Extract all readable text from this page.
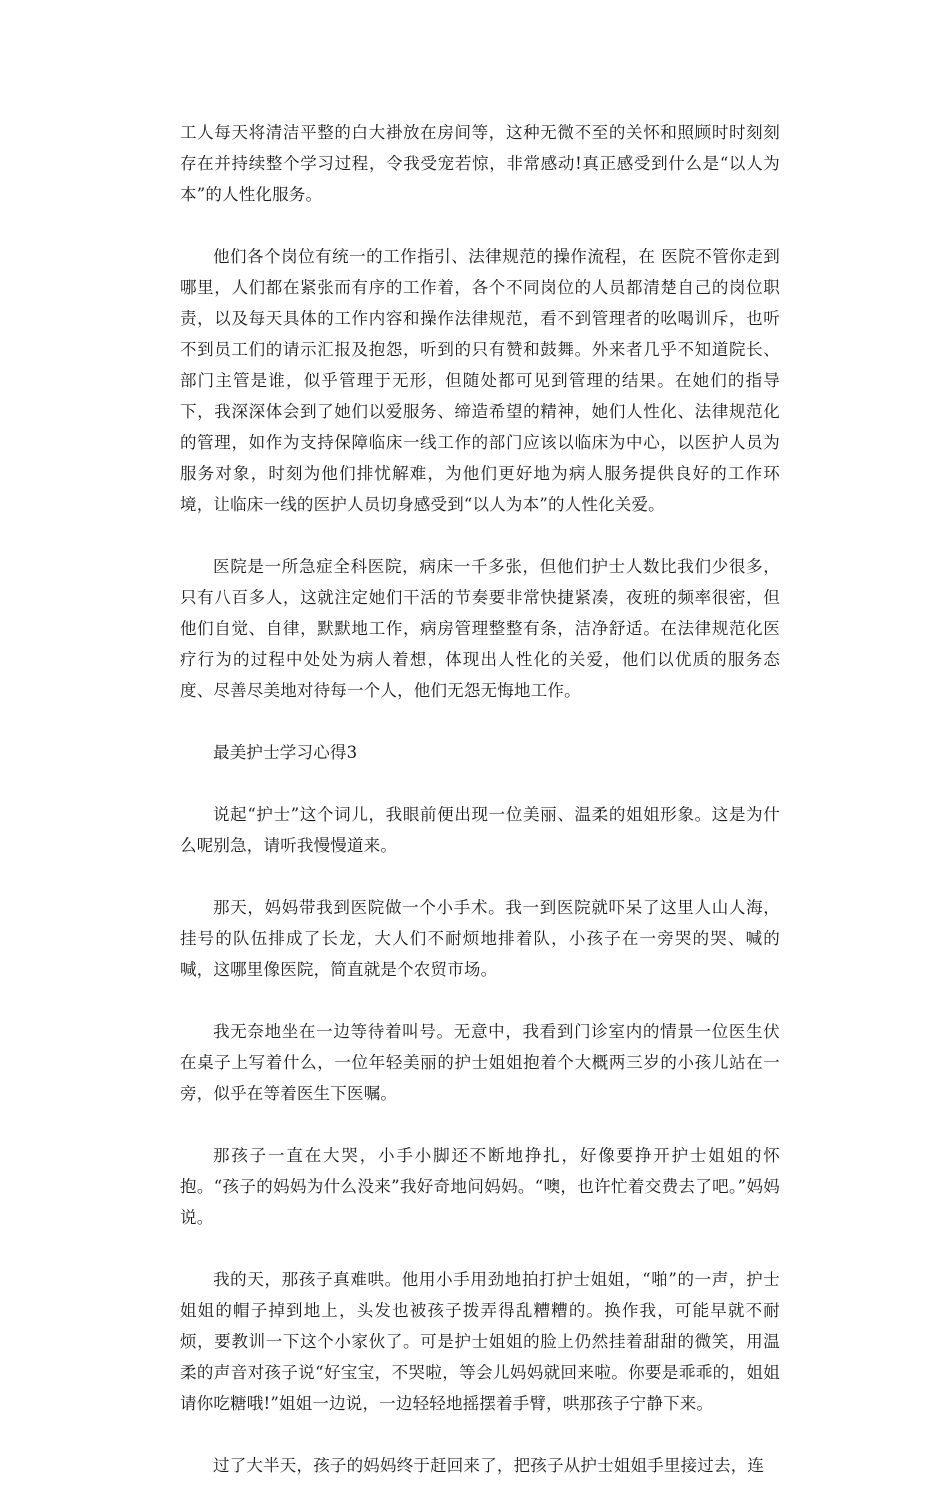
工人每天将清洁平整的白大褂放在房间等，这种无微不至的关怀和照顾时时刻刻存在并持续整个学习过程，令我受宠若惊，非常感动!真正感受到什么是“以人为本”的人性化服务。

他们各个岗位有统一的工作指引、法律规范的操作流程，在 医院不管你走到哪里，人们都在紧张而有序的工作着，各个不同岗位的人员都清楚自己的岗位职责，以及每天具体的工作内容和操作法律规范，看不到管理者的吆喝训斥，也听不到员工们的请示汇报及抱怨，听到的只有赞和鼓舞。外来者几乎不知道院长、部门主管是谁，似乎管理于无形，但随处都可见到管理的结果。在她们的指导下，我深深体会到了她们以爱服务、缔造希望的精神，她们人性化、法律规范化的管理，如作为支持保障临床一线工作的部门应该以临床为中心，以医护人员为服务对象，时刻为他们排忧解难，为他们更好地为病人服务提供良好的工作环境，让临床一线的医护人员切身感受到“以人为本”的人性化关爱。

医院是一所急症全科医院，病床一千多张，但他们护士人数比我们少很多，只有八百多人，这就注定她们干活的节奏要非常快捷紧凑，夜班的频率很密，但他们自觉、自律，默默地工作，病房管理整整有条，洁净舒适。在法律规范化医疗行为的过程中处处为病人着想，体现出人性化的关爱，他们以优质的服务态度、尽善尽美地对待每一个人，他们无怨无悔地工作。

最美护士学习心得3

说起“护士”这个词儿，我眼前便出现一位美丽、温柔的姐姐形象。这是为什么呢别急，请听我慢慢道来。

那天，妈妈带我到医院做一个小手术。我一到医院就吓呆了这里人山人海，挂号的队伍排成了长龙，大人们不耐烦地排着队，小孩子在一旁哭的哭、喊的喊，这哪里像医院，简直就是个农贸市场。

我无奈地坐在一边等待着叫号。无意中，我看到门诊室内的情景一位医生伏在桌子上写着什么，一位年轻美丽的护士姐姐抱着个大概两三岁的小孩儿站在一旁，似乎在等着医生下医嘱。

那孩子一直在大哭，小手小脚还不断地挣扎，好像要挣开护士姐姐的怀抱。“孩子的妈妈为什么没来”我好奇地问妈妈。“噢，也许忙着交费去了吧。”妈妈说。

我的天，那孩子真难哄。他用小手用劲地拍打护士姐姐，“啪”的一声，护士姐姐的帽子掉到地上，头发也被孩子拨弄得乱糟糟的。换作我，可能早就不耐烦，要教训一下这个小家伙了。可是护士姐姐的脸上仍然挂着甜甜的微笑，用温柔的声音对孩子说“好宝宝，不哭啦，等会儿妈妈就回来啦。你要是乖乖的，姐姐请你吃糖哦!”姐姐一边说，一边轻轻地摇摆着手臂，哄那孩子宁静下来。

过了大半天，孩子的妈妈终于赶回来了，把孩子从护士姐姐手里接过去，连
